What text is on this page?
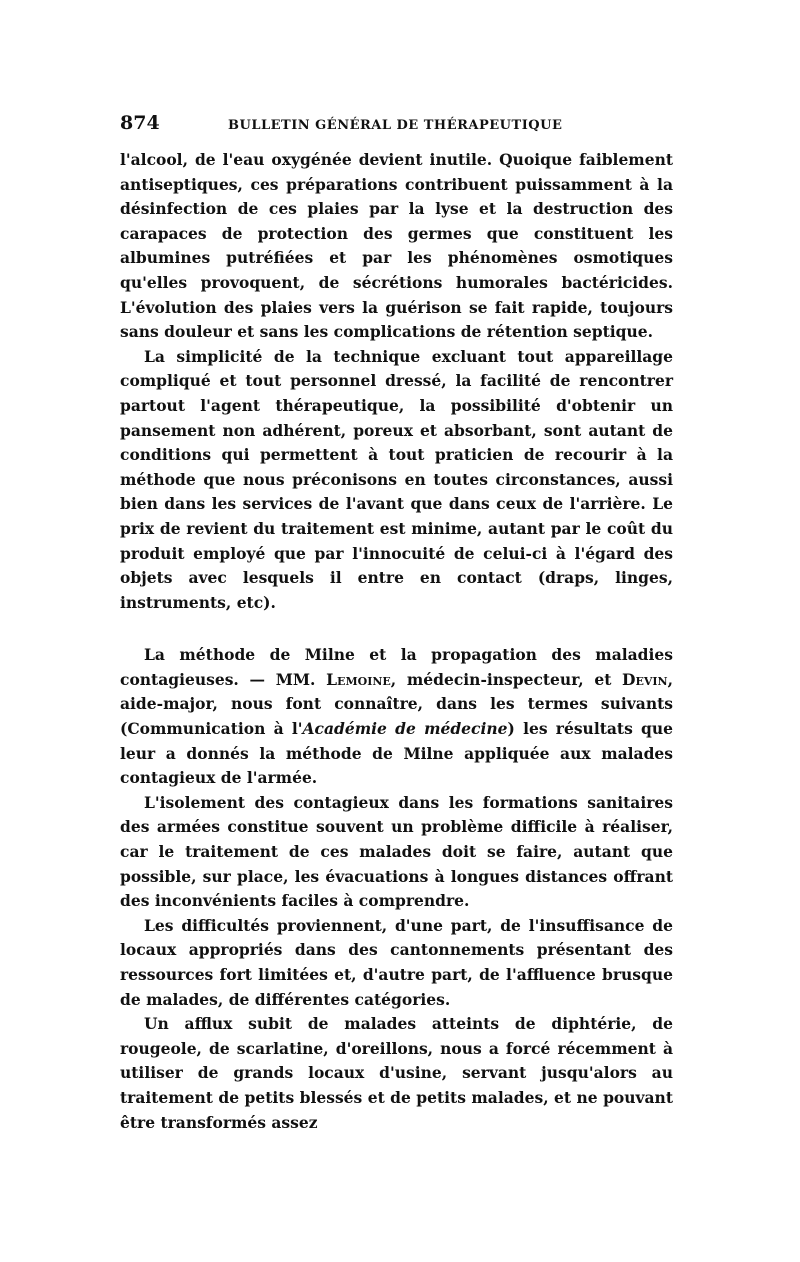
874	BULLETIN GÉNÉRAL DE THÉRAPEUTIQUE

l'alcool, de l'eau oxygénée devient inutile. Quoique faiblement antiseptiques, ces préparations contribuent puissamment à la désinfection de ces plaies par la lyse et la destruction des carapaces de protection des germes que constituent les albumines putréfiées et par les phénomènes osmotiques qu'elles provoquent, de sécrétions humorales bactéricides. L'évolution des plaies vers la guérison se fait rapide, toujours sans douleur et sans les complications de rétention septique.

La simplicité de la technique excluant tout appareillage compliqué et tout personnel dressé, la facilité de rencontrer partout l'agent thérapeutique, la possibilité d'obtenir un pansement non adhérent, poreux et absorbant, sont autant de conditions qui permettent à tout praticien de recourir à la méthode que nous préconisons en toutes circonstances, aussi bien dans les services de l'avant que dans ceux de l'arrière. Le prix de revient du traitement est minime, autant par le coût du produit employé que par l'innocuité de celui-ci à l'égard des objets avec lesquels il entre en contact (draps, linges, instruments, etc).

La méthode de Milne et la propagation des maladies contagieuses. — MM. Lemoine, médecin-inspecteur, et Devin, aide-major, nous font connaître, dans les termes suivants (Communication à l'Académie de médecine) les résultats que leur a donnés la méthode de Milne appliquée aux malades contagieux de l'armée.

L'isolement des contagieux dans les formations sanitaires des armées constitue souvent un problème difficile à réaliser, car le traitement de ces malades doit se faire, autant que possible, sur place, les évacuations à longues distances offrant des inconvénients faciles à comprendre.

Les difficultés proviennent, d'une part, de l'insuffisance de locaux appropriés dans des cantonnements présentant des ressources fort limitées et, d'autre part, de l'affluence brusque de malades, de différentes catégories.

Un afflux subit de malades atteints de diphtérie, de rougeole, de scarlatine, d'oreillons, nous a forcé récemment à utiliser de grands locaux d'usine, servant jusqu'alors au traitement de petits blessés et de petits malades, et ne pouvant être transformés assez
